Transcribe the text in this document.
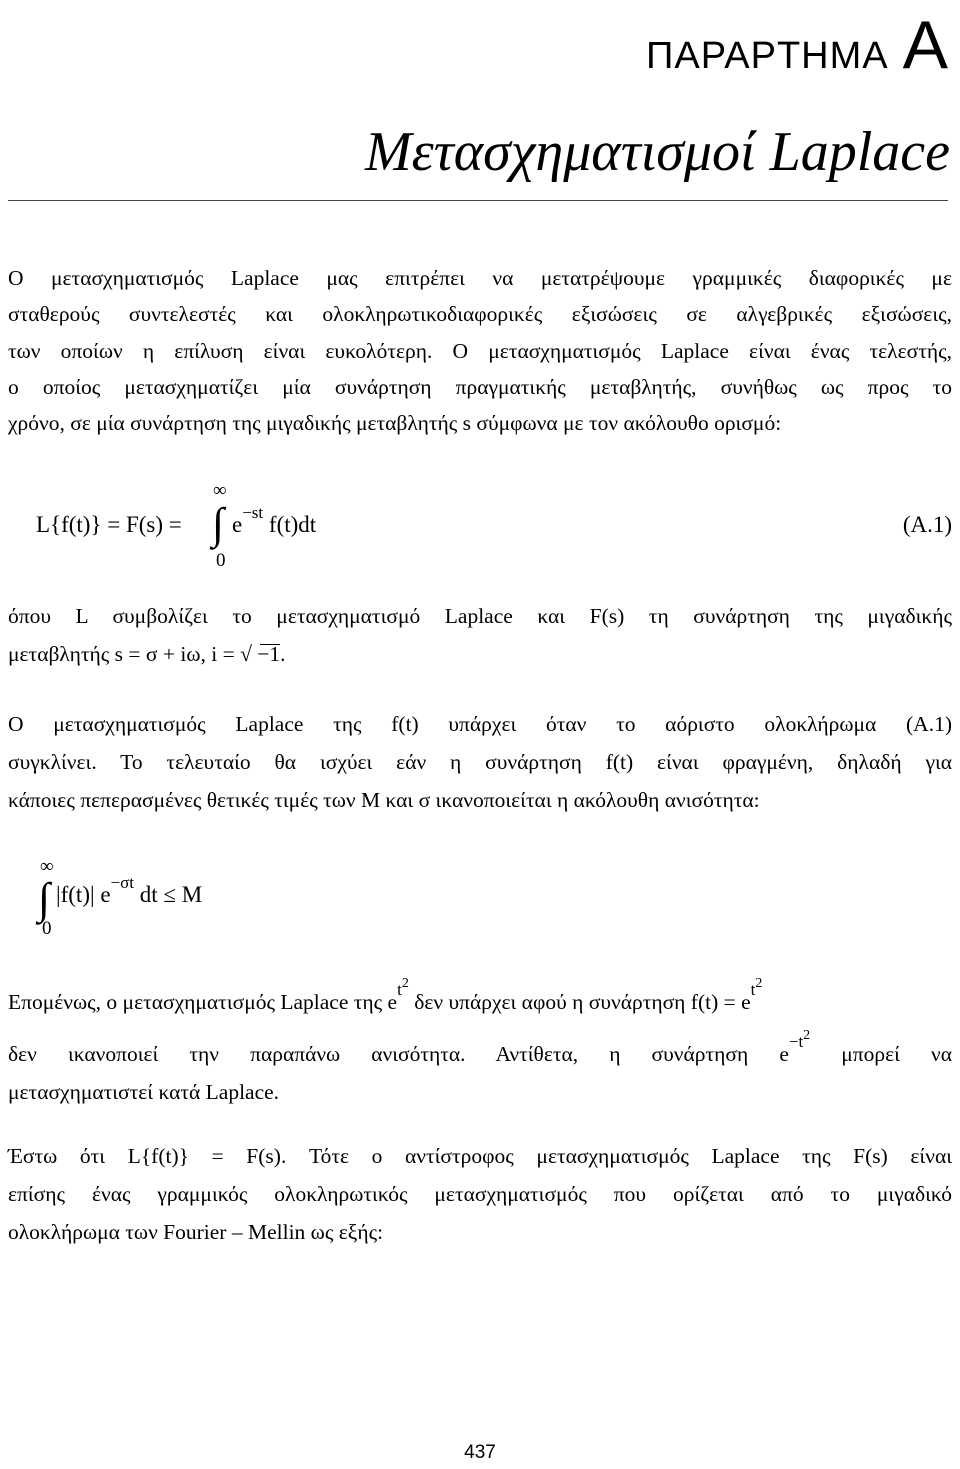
ΠΑΡΑΡΤΗΜΑ A
Μετασχηματισμοί Laplace
Ο μετασχηματισμός Laplace μας επιτρέπει να μετατρέψουμε γραμμικές διαφορικές με
σταθερούς συντελεστές και ολοκληρωτικοδιαφορικές εξισώσεις σε αλγεβρικές εξισώσεις,
των οποίων η επίλυση είναι ευκολότερη. Ο μετασχηματισμός Laplace είναι ένας τελεστής,
ο οποίος μετασχηματίζει μία συνάρτηση πραγματικής μεταβλητής, συνήθως ως προς το
χρόνο, σε μία συνάρτηση της μιγαδικής μεταβλητής s σύμφωνα με τον ακόλουθο ορισμό:
L{f(t)} = F(s) =
∞
∫
0
$e^{-st}$ f(t)dt	(A.1)
όπου L συμβολίζει το μετασχηματισμό Laplace και F(s) τη συνάρτηση της μιγαδικής
μεταβλητής s = σ + iω, i = √ −1.
Ο μετασχηματισμός Laplace της f(t) υπάρχει όταν το αόριστο ολοκλήρωμα (A.1)
συγκλίνει. Το τελευταίο θα ισχύει εάν η συνάρτηση f(t) είναι φραγμένη, δηλαδή για
κάποιες πεπερασμένες θετικές τιμές των M και σ ικανοποιείται η ακόλουθη ανισότητα:
∞
∫
0
|f(t)| $e^{-\sigma t}$ dt ≤ M
Επομένως, ο μετασχηματισμός Laplace της $e^{t2}$ δεν υπάρχει αφού η συνάρτηση $f(t) = e^{t2}$
δεν ικανοποιεί την παραπάνω ανισότητα. Αντίθετα, η συνάρτηση $e^{-t2}$ μπορεί να
μετασχηματιστεί κατά Laplace.
Έστω ότι L{f(t)} = F(s). Τότε ο αντίστροφος μετασχηματισμός Laplace της F(s) είναι
επίσης ένας γραμμικός ολοκληρωτικός μετασχηματισμός που ορίζεται από το μιγαδικό
ολοκλήρωμα των Fourier – Mellin ως εξής:
437
